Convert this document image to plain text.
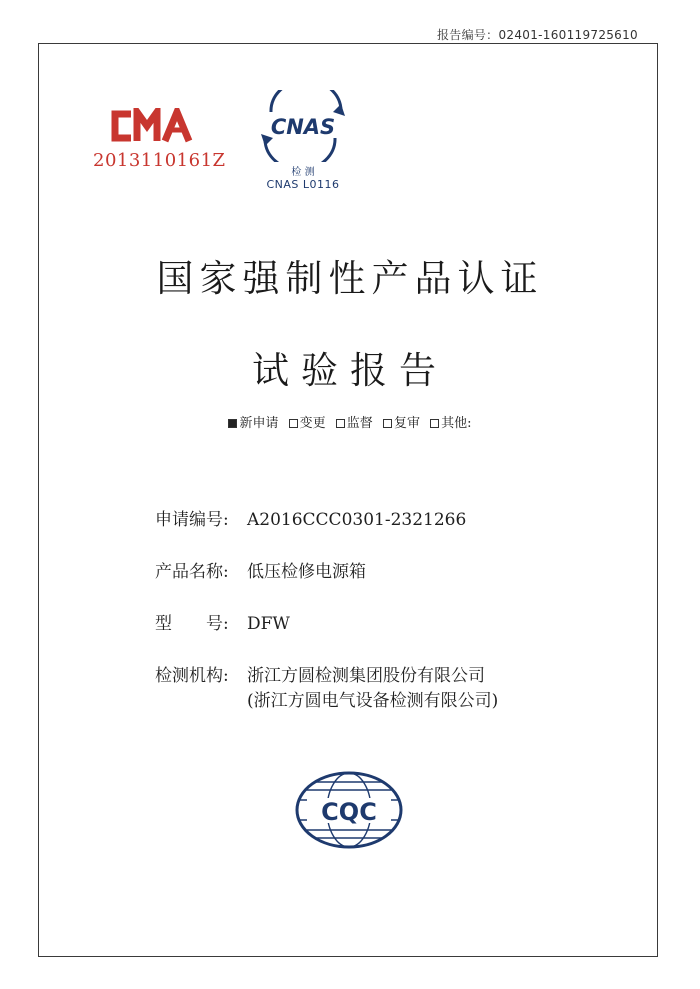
报告编号：02401-160119725610
2013110161Z
CNAS
检 测
CNAS L0116
国家强制性产品认证
试验报告
新申请 变更 监督 复审 其他:
申请编号: A2016CCC0301-2321266
产品名称: 低压检修电源箱
型　　号: DFW
检测机构: 浙江方圆检测集团股份有限公司
(浙江方圆电气设备检测有限公司)
CQC
